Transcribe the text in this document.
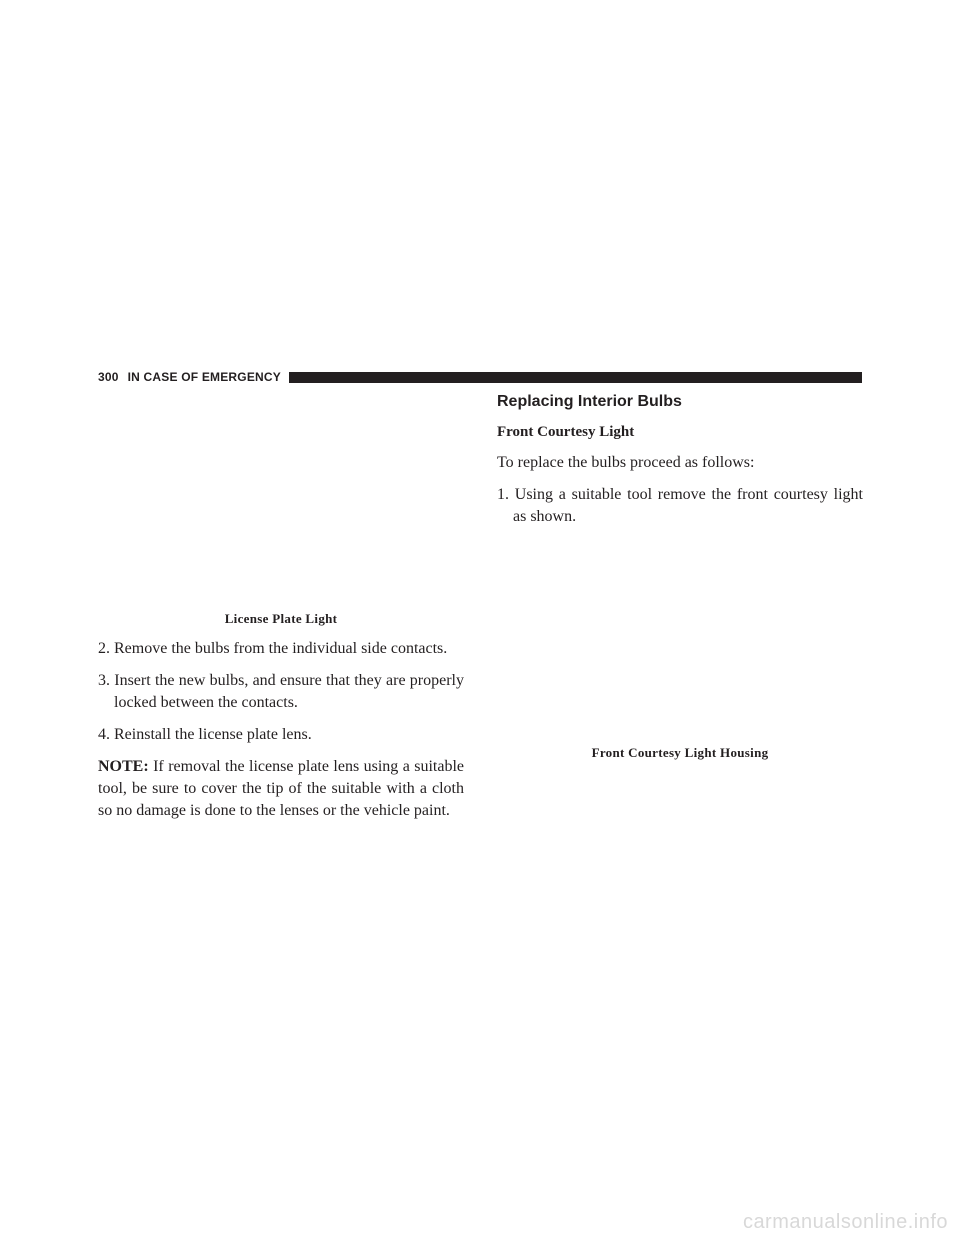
300 IN CASE OF EMERGENCY
License Plate Light

2. Remove the bulbs from the individual side contacts.

3. Insert the new bulbs, and ensure that they are properly locked between the contacts.

4. Reinstall the license plate lens.

NOTE: If removal the license plate lens using a suitable tool, be sure to cover the tip of the suitable with a cloth so no damage is done to the lenses or the vehicle paint.

Replacing Interior Bulbs
Front Courtesy Light

To replace the bulbs proceed as follows:

1. Using a suitable tool remove the front courtesy light as shown.

Front Courtesy Light Housing
carmanualsonline.info
